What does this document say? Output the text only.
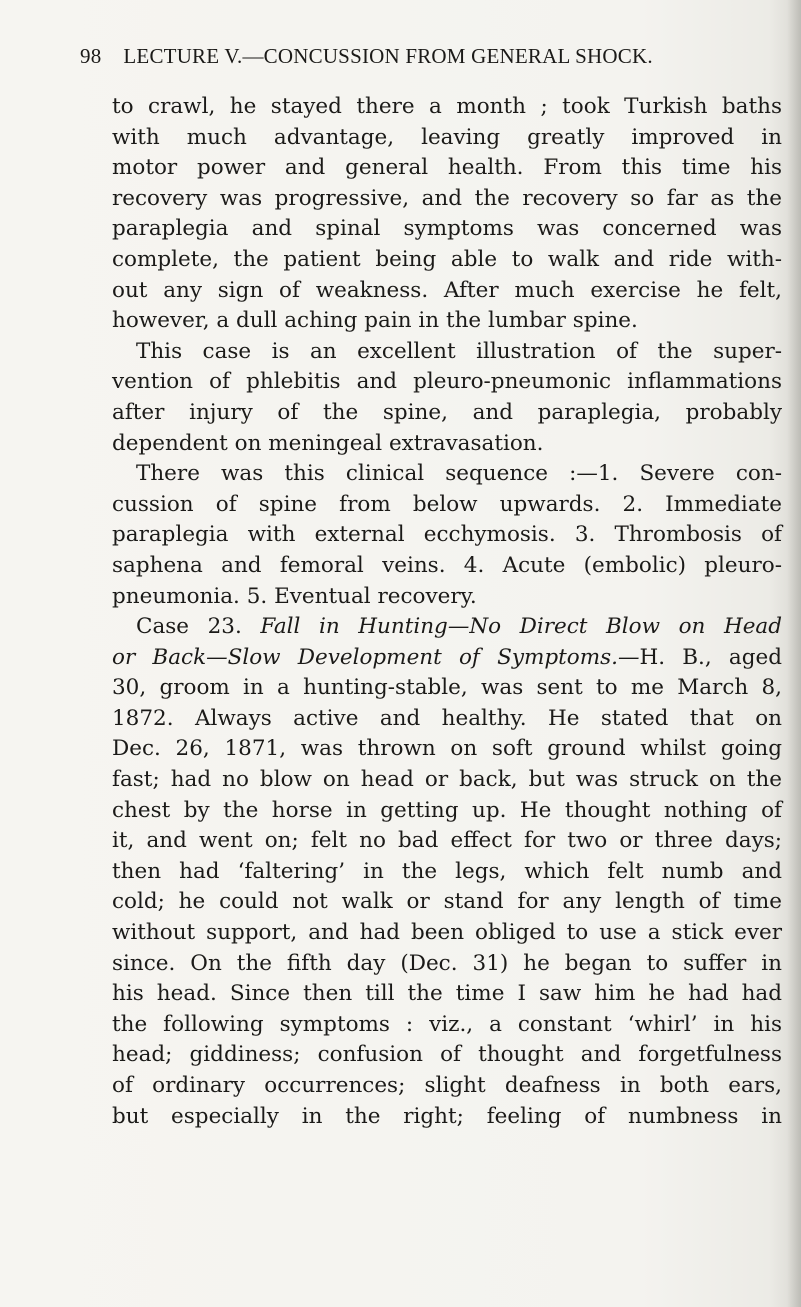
98 LECTURE V.—CONCUSSION FROM GENERAL SHOCK.
to crawl, he stayed there a month ; took Turkish baths
with much advantage, leaving greatly improved in
motor power and general health. From this time his
recovery was progressive, and the recovery so far as the
paraplegia and spinal symptoms was concerned was
complete, the patient being able to walk and ride with-
out any sign of weakness. After much exercise he felt,
however, a dull aching pain in the lumbar spine.
This case is an excellent illustration of the super-
vention of phlebitis and pleuro-pneumonic inflammations
after injury of the spine, and paraplegia, probably
dependent on meningeal extravasation.
There was this clinical sequence :—1. Severe con-
cussion of spine from below upwards. 2. Immediate
paraplegia with external ecchymosis. 3. Thrombosis of
saphena and femoral veins. 4. Acute (embolic) pleuro-
pneumonia. 5. Eventual recovery.
Case 23. Fall in Hunting—No Direct Blow on Head
or Back—Slow Development of Symptoms.—H. B., aged
30, groom in a hunting-stable, was sent to me March 8,
1872. Always active and healthy. He stated that on
Dec. 26, 1871, was thrown on soft ground whilst going
fast; had no blow on head or back, but was struck on the
chest by the horse in getting up. He thought nothing of
it, and went on; felt no bad effect for two or three days;
then had ‘faltering’ in the legs, which felt numb and
cold; he could not walk or stand for any length of time
without support, and had been obliged to use a stick ever
since. On the fifth day (Dec. 31) he began to suffer in
his head. Since then till the time I saw him he had had
the following symptoms : viz., a constant ‘whirl’ in his
head; giddiness; confusion of thought and forgetfulness
of ordinary occurrences; slight deafness in both ears,
but especially in the right; feeling of numbness in
